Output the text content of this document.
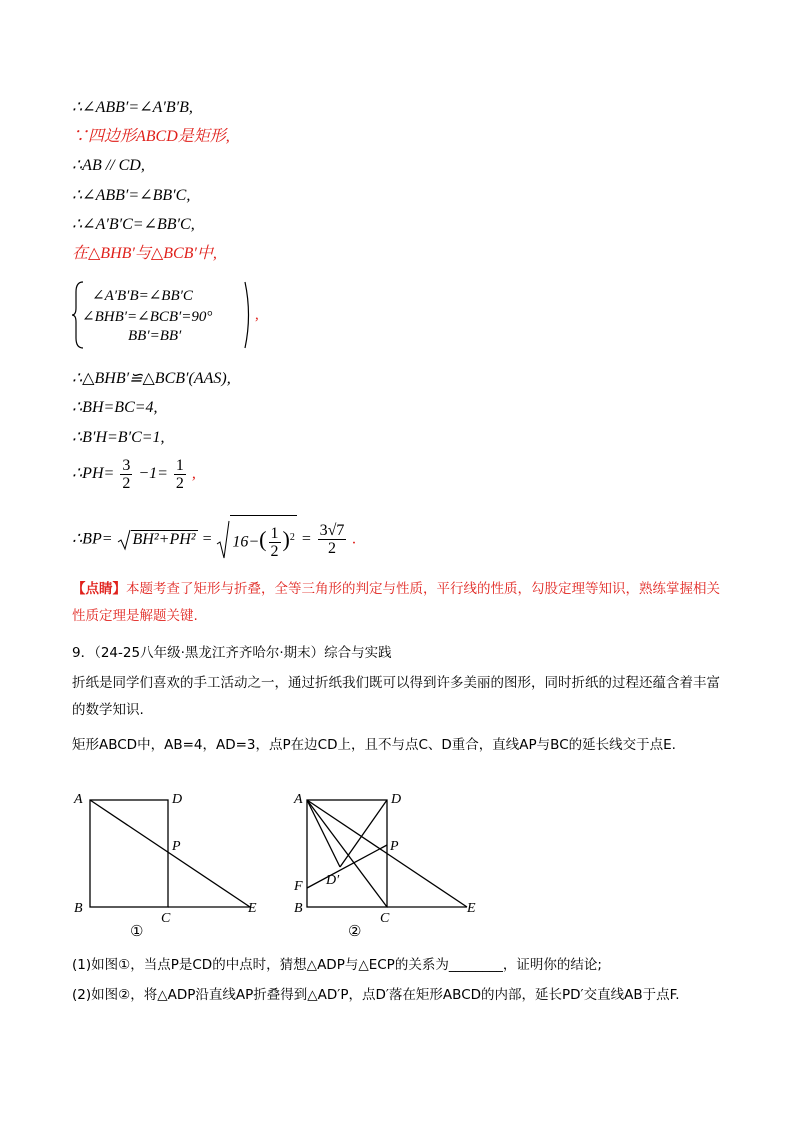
∴∠ABB′=∠A′B′B,
∵四边形ABCD是矩形,
∴AB // CD,
∴∠ABB′=∠BB′C,
∴∠A′B′C=∠BB′C,
在△BHB′与△BCB′中,
∠A′B′B=∠BB′C
∠BHB′=∠BCB′=90°
BB′=BB′
,
∴△BHB′≌△BCB′(AAS),
∴BH=BC=4,
∴B′H=B′C=1,
∴PH= $\frac{3}{2} -1= \frac{1}{2}$ ,
∴BP= $BH^2+PH^2 = 16-( \frac{1}{2} )^2 = \frac{3√7}{2}$ .
【点睛】本题考查了矩形与折叠，全等三角形的判定与性质，平行线的性质，勾股定理等知识，熟练掌握相关性质定理是解题关键.
9．（24-25八年级·黑龙江齐齐哈尔·期末）综合与实践
折纸是同学们喜欢的手工活动之一，通过折纸我们既可以得到许多美丽的图形，同时折纸的过程还蕴含着丰富的数学知识.
矩形ABCD中，AB=4，AD=3，点P在边CD上，且不与点C、D重合，直线AP与BC的延长线交于点E.
A	D
P
B
C
E
①
A	D
P
D′
F
B
C
E
②
(1)如图①，当点P是CD的中点时，猜想△ADP与△ECP的关系为________，证明你的结论;
(2)如图②，将△ADP沿直线AP折叠得到△AD′P，点D′落在矩形ABCD的内部，延长PD′交直线AB于点F.
